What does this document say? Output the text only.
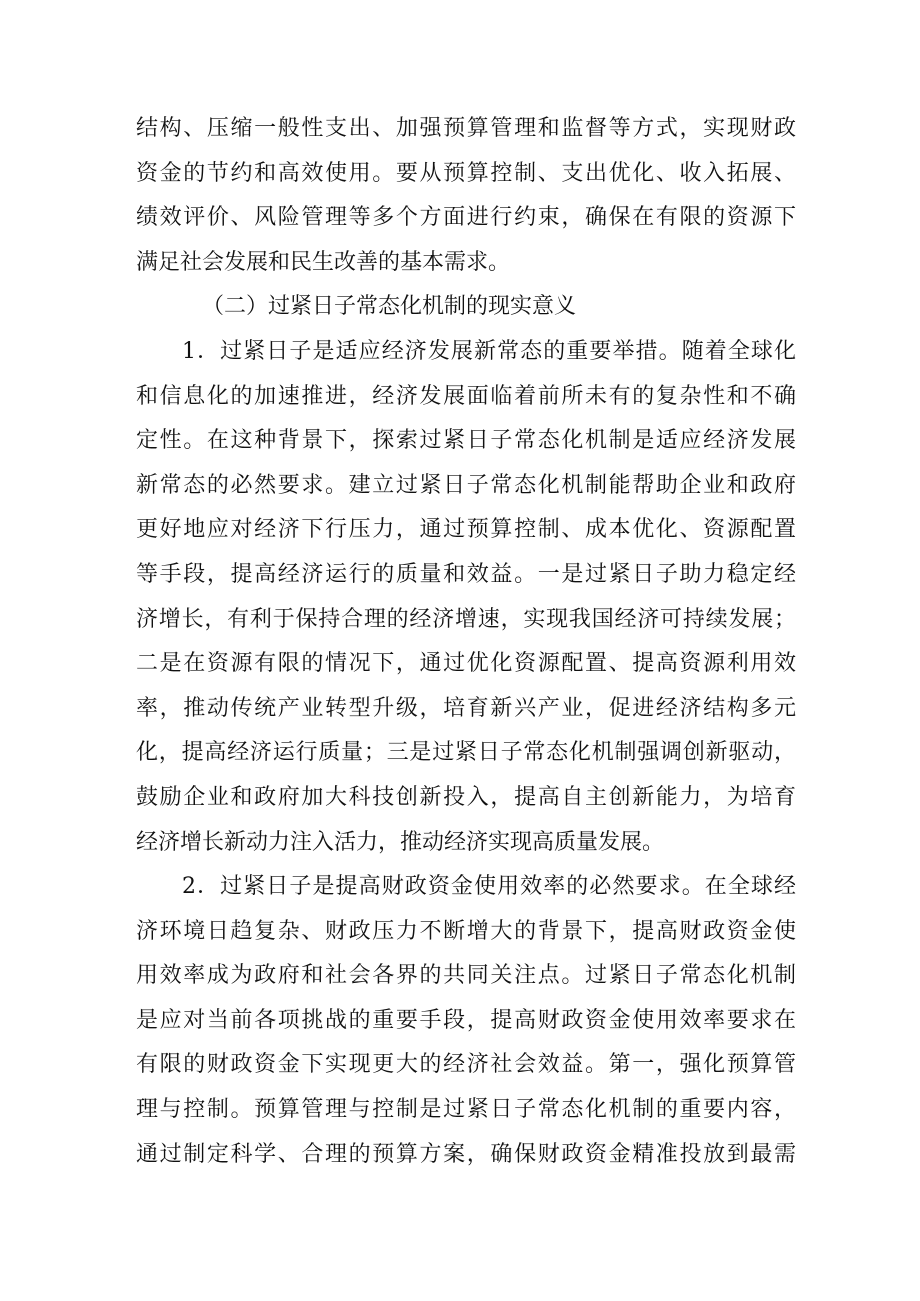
结构、压缩一般性支出、加强预算管理和监督等方式，实现财政
资金的节约和高效使用。要从预算控制、支出优化、收入拓展、
绩效评价、风险管理等多个方面进行约束，确保在有限的资源下
满足社会发展和民生改善的基本需求。
（二）过紧日子常态化机制的现实意义
1．过紧日子是适应经济发展新常态的重要举措。随着全球化
和信息化的加速推进，经济发展面临着前所未有的复杂性和不确
定性。在这种背景下，探索过紧日子常态化机制是适应经济发展
新常态的必然要求。建立过紧日子常态化机制能帮助企业和政府
更好地应对经济下行压力，通过预算控制、成本优化、资源配置
等手段，提高经济运行的质量和效益。一是过紧日子助力稳定经
济增长，有利于保持合理的经济增速，实现我国经济可持续发展；
二是在资源有限的情况下，通过优化资源配置、提高资源利用效
率，推动传统产业转型升级，培育新兴产业，促进经济结构多元
化，提高经济运行质量；三是过紧日子常态化机制强调创新驱动，
鼓励企业和政府加大科技创新投入，提高自主创新能力，为培育
经济增长新动力注入活力，推动经济实现高质量发展。
2．过紧日子是提高财政资金使用效率的必然要求。在全球经
济环境日趋复杂、财政压力不断增大的背景下，提高财政资金使
用效率成为政府和社会各界的共同关注点。过紧日子常态化机制
是应对当前各项挑战的重要手段，提高财政资金使用效率要求在
有限的财政资金下实现更大的经济社会效益。第一，强化预算管
理与控制。预算管理与控制是过紧日子常态化机制的重要内容，
通过制定科学、合理的预算方案，确保财政资金精准投放到最需
